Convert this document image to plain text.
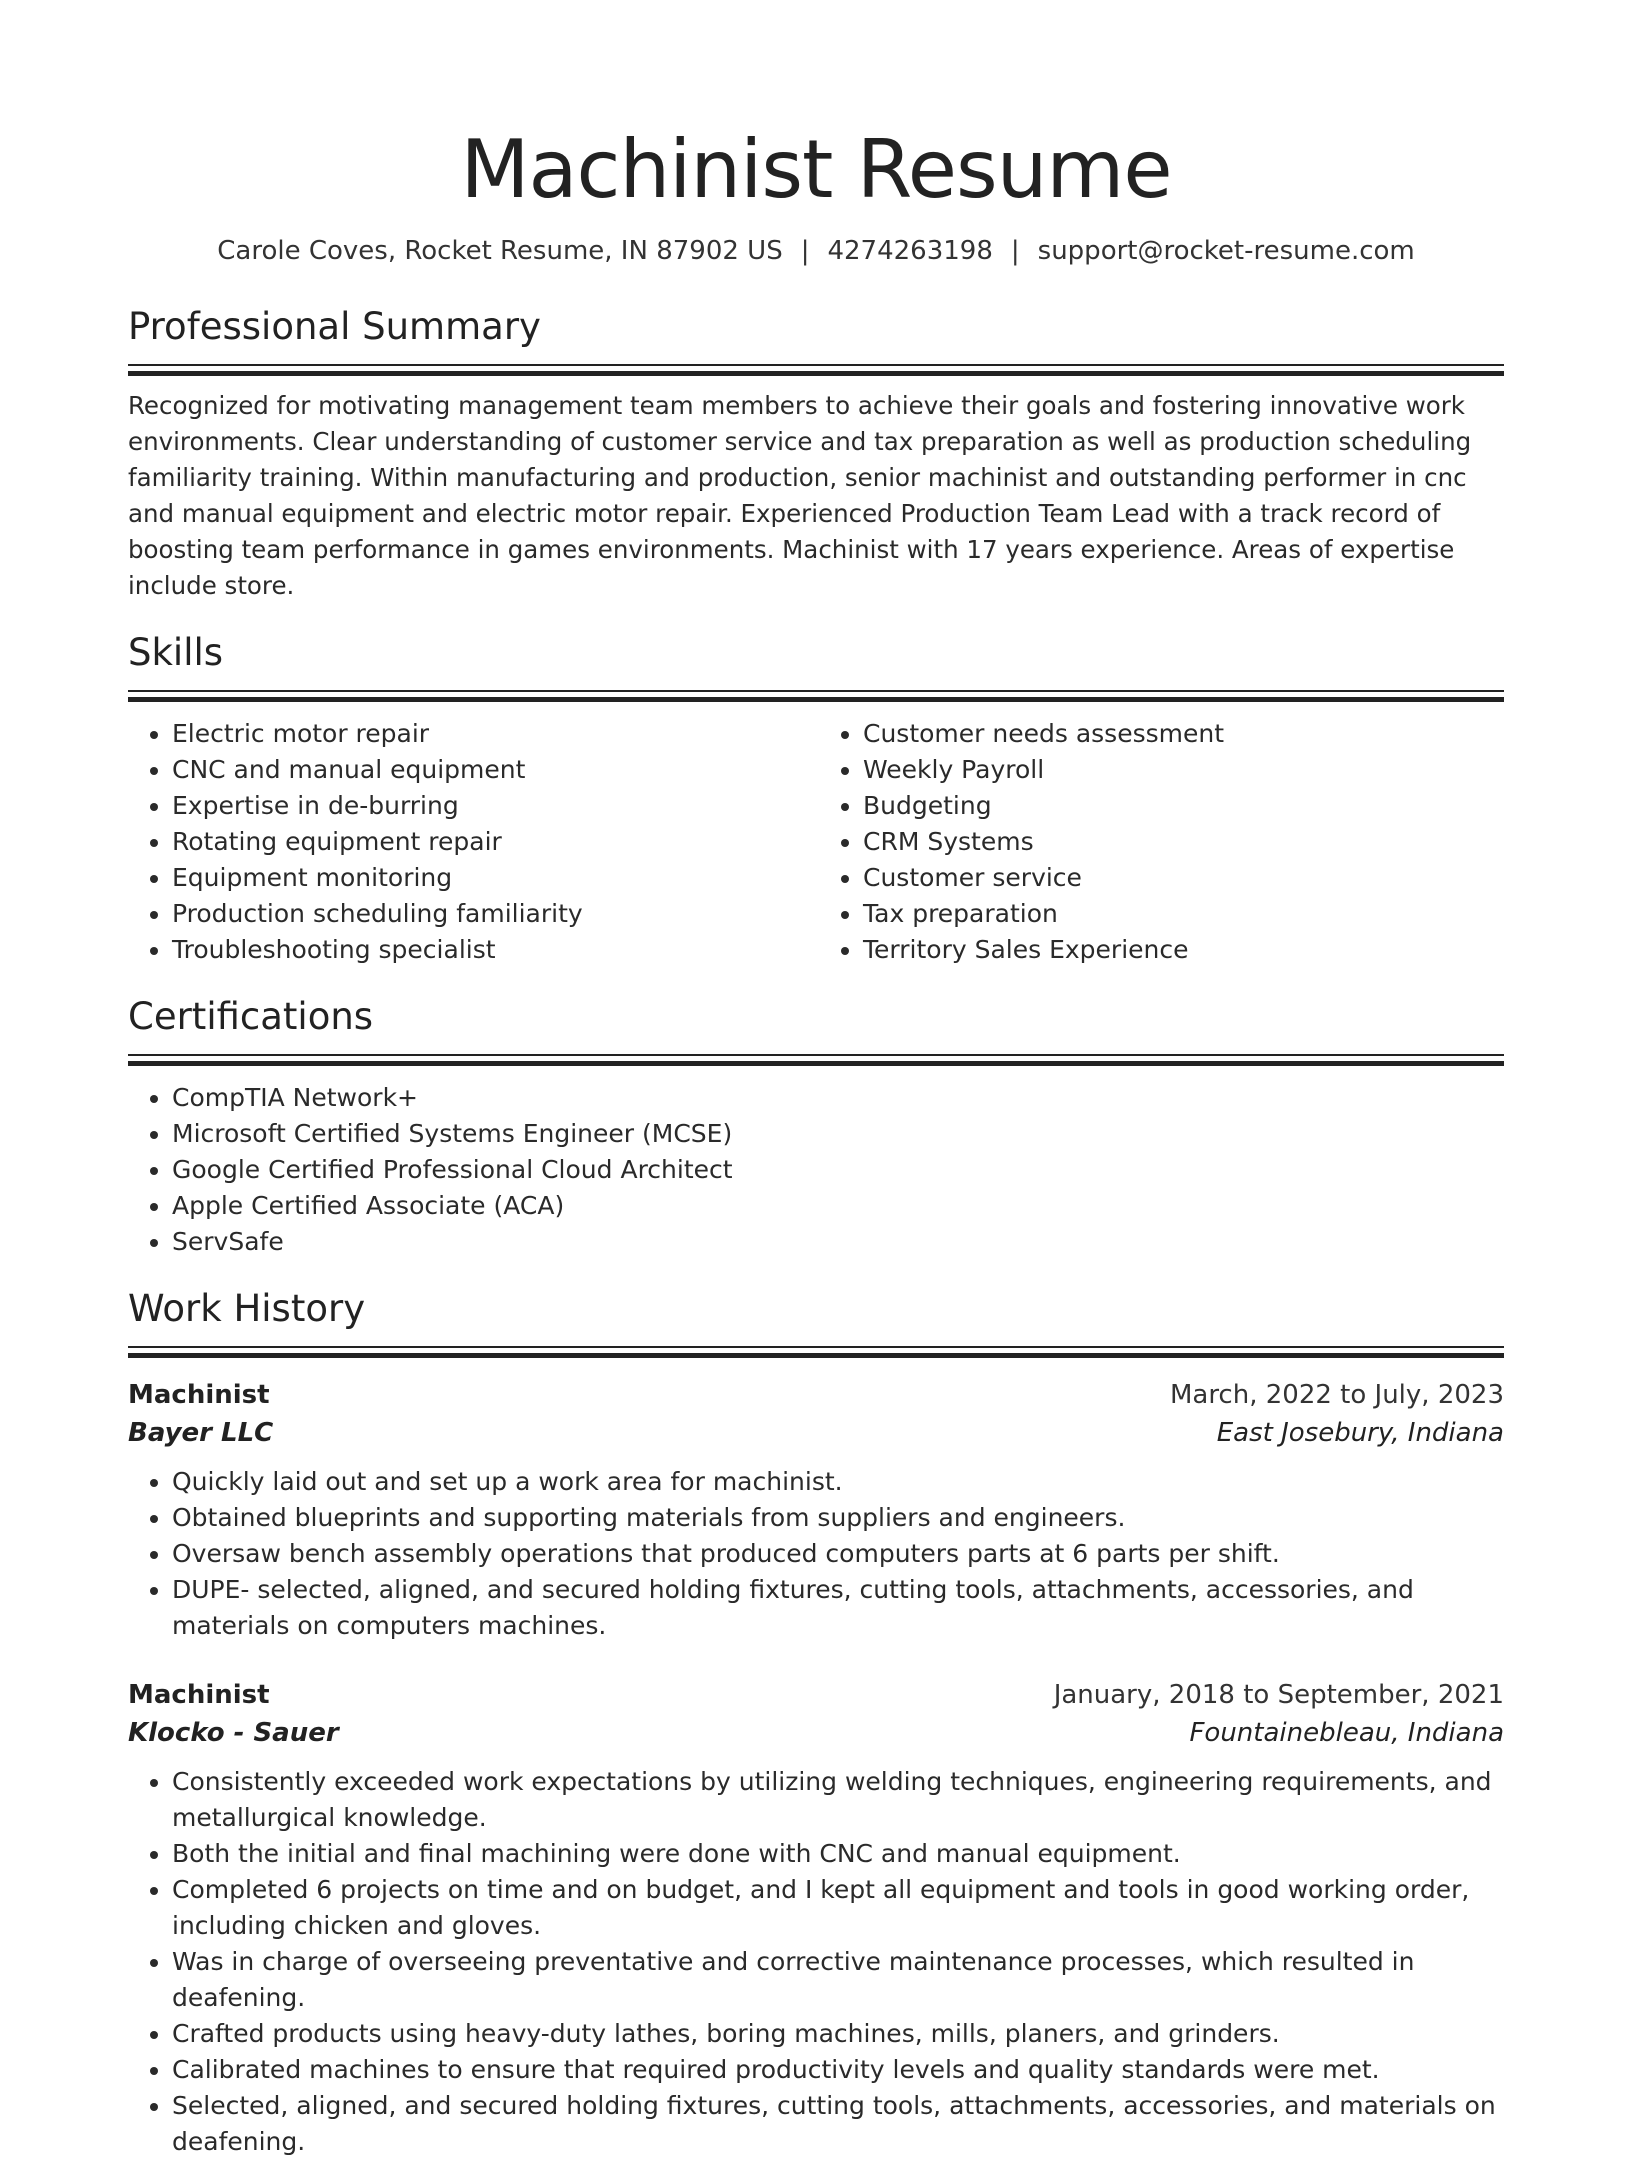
Machinist Resume
Carole Coves, Rocket Resume, IN 87902 US | 4274263198 | support@rocket-resume.com
Professional Summary

Recognized for motivating management team members to achieve their goals and fostering innovative work environments. Clear understanding of customer service and tax preparation as well as production scheduling familiarity training. Within manufacturing and production, senior machinist and outstanding performer in cnc and manual equipment and electric motor repair. Experienced Production Team Lead with a track record of boosting team performance in games environments. Machinist with 17 years experience. Areas of expertise include store.

Skills
• Electric motor repair
• CNC and manual equipment
• Expertise in de-burring
• Rotating equipment repair
• Equipment monitoring
• Production scheduling familiarity
• Troubleshooting specialist
• Customer needs assessment
• Weekly Payroll
• Budgeting
• CRM Systems
• Customer service
• Tax preparation
• Territory Sales Experience
Certifications
• CompTIA Network+
• Microsoft Certified Systems Engineer (MCSE)
• Google Certified Professional Cloud Architect
• Apple Certified Associate (ACA)
• ServSafe
Work History
Machinist	March, 2022 to July, 2023
Bayer LLC	East Josebury, Indiana
• Quickly laid out and set up a work area for machinist.
• Obtained blueprints and supporting materials from suppliers and engineers.
• Oversaw bench assembly operations that produced computers parts at 6 parts per shift.
• DUPE- selected, aligned, and secured holding fixtures, cutting tools, attachments, accessories, and materials on computers machines.
Machinist	January, 2018 to September, 2021
Klocko - Sauer	Fountainebleau, Indiana
• Consistently exceeded work expectations by utilizing welding techniques, engineering requirements, and metallurgical knowledge.
• Both the initial and final machining were done with CNC and manual equipment.
• Completed 6 projects on time and on budget, and I kept all equipment and tools in good working order, including chicken and gloves.
• Was in charge of overseeing preventative and corrective maintenance processes, which resulted in deafening.
• Crafted products using heavy-duty lathes, boring machines, mills, planers, and grinders.
• Calibrated machines to ensure that required productivity levels and quality standards were met.
• Selected, aligned, and secured holding fixtures, cutting tools, attachments, accessories, and materials on deafening.
